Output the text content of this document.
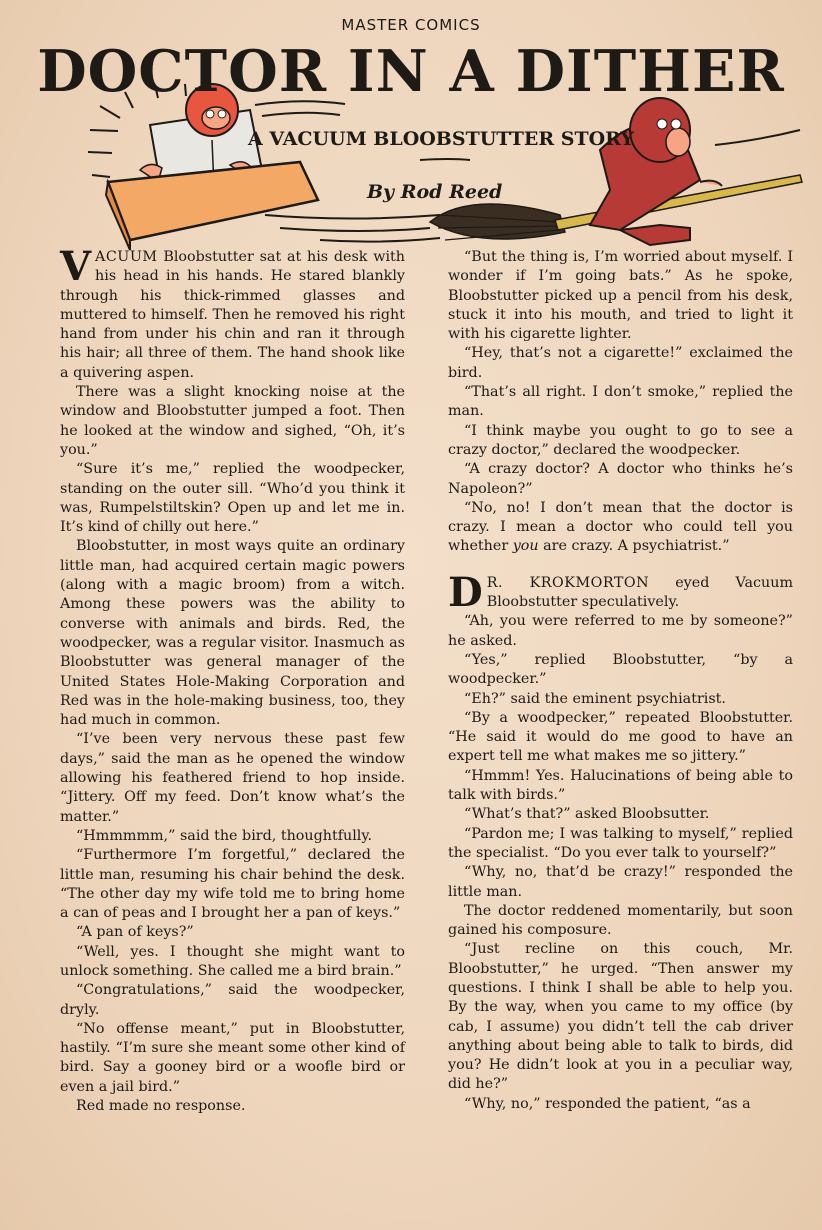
MASTER COMICS
DOCTOR IN A DITHER
A VACUUM BLOOBSTUTTER STORY
By Rod Reed

VACUUM Bloobstutter sat at his desk with his head in his hands. He stared blankly through his thick-rimmed glasses and muttered to himself. Then he removed his right hand from under his chin and ran it through his hair; all three of them. The hand shook like a quivering aspen.

There was a slight knocking noise at the window and Bloobstutter jumped a foot. Then he looked at the window and sighed, “Oh, it’s you.”

“Sure it’s me,” replied the woodpecker, standing on the outer sill. “Who’d you think it was, Rumpelstiltskin? Open up and let me in. It’s kind of chilly out here.”

Bloobstutter, in most ways quite an ordinary little man, had acquired certain magic powers (along with a magic broom) from a witch. Among these powers was the ability to converse with animals and birds. Red, the woodpecker, was a regular visitor. Inasmuch as Bloobstutter was general manager of the United States Hole-Making Corporation and Red was in the hole-making business, too, they had much in common.

“I’ve been very nervous these past few days,” said the man as he opened the window allowing his feathered friend to hop inside. “Jittery. Off my feed. Don’t know what’s the matter.”

“Hmmmmm,” said the bird, thoughtfully.

“Furthermore I’m forgetful,” declared the little man, resuming his chair behind the desk. “The other day my wife told me to bring home a can of peas and I brought her a pan of keys.”

“A pan of keys?”

“Well, yes. I thought she might want to unlock something. She called me a bird brain.”

“Congratulations,” said the woodpecker, dryly.

“No offense meant,” put in Bloobstutter, hastily. “I’m sure she meant some other kind of bird. Say a gooney bird or a woofle bird or even a jail bird.”

Red made no response.

“But the thing is, I’m worried about myself. I wonder if I’m going bats.” As he spoke, Bloobstutter picked up a pencil from his desk, stuck it into his mouth, and tried to light it with his cigarette lighter.

“Hey, that’s not a cigarette!” exclaimed the bird.

“That’s all right. I don’t smoke,” replied the man.

“I think maybe you ought to go to see a crazy doctor,” declared the woodpecker.

“A crazy doctor? A doctor who thinks he’s Napoleon?”

“No, no! I don’t mean that the doctor is crazy. I mean a doctor who could tell you whether you are crazy. A psychiatrist.”

D R. KROKMORTON eyed Vacuum Bloobstutter speculatively.

“Ah, you were referred to me by someone?” he asked.

“Yes,” replied Bloobstutter, “by a woodpecker.”

“Eh?” said the eminent psychiatrist.

“By a woodpecker,” repeated Bloobstutter. “He said it would do me good to have an expert tell me what makes me so jittery.”

“Hmmm! Yes. Halucinations of being able to talk with birds.”

“What’s that?” asked Bloobsutter.

“Pardon me; I was talking to myself,” replied the specialist. “Do you ever talk to yourself?”

“Why, no, that’d be crazy!” responded the little man.

The doctor reddened momentarily, but soon gained his composure.

“Just recline on this couch, Mr. Bloobstutter,” he urged. “Then answer my questions. I think I shall be able to help you. By the way, when you came to my office (by cab, I assume) you didn’t tell the cab driver anything about being able to talk to birds, did you? He didn’t look at you in a peculiar way, did he?”

“Why, no,” responded the patient, “as a
